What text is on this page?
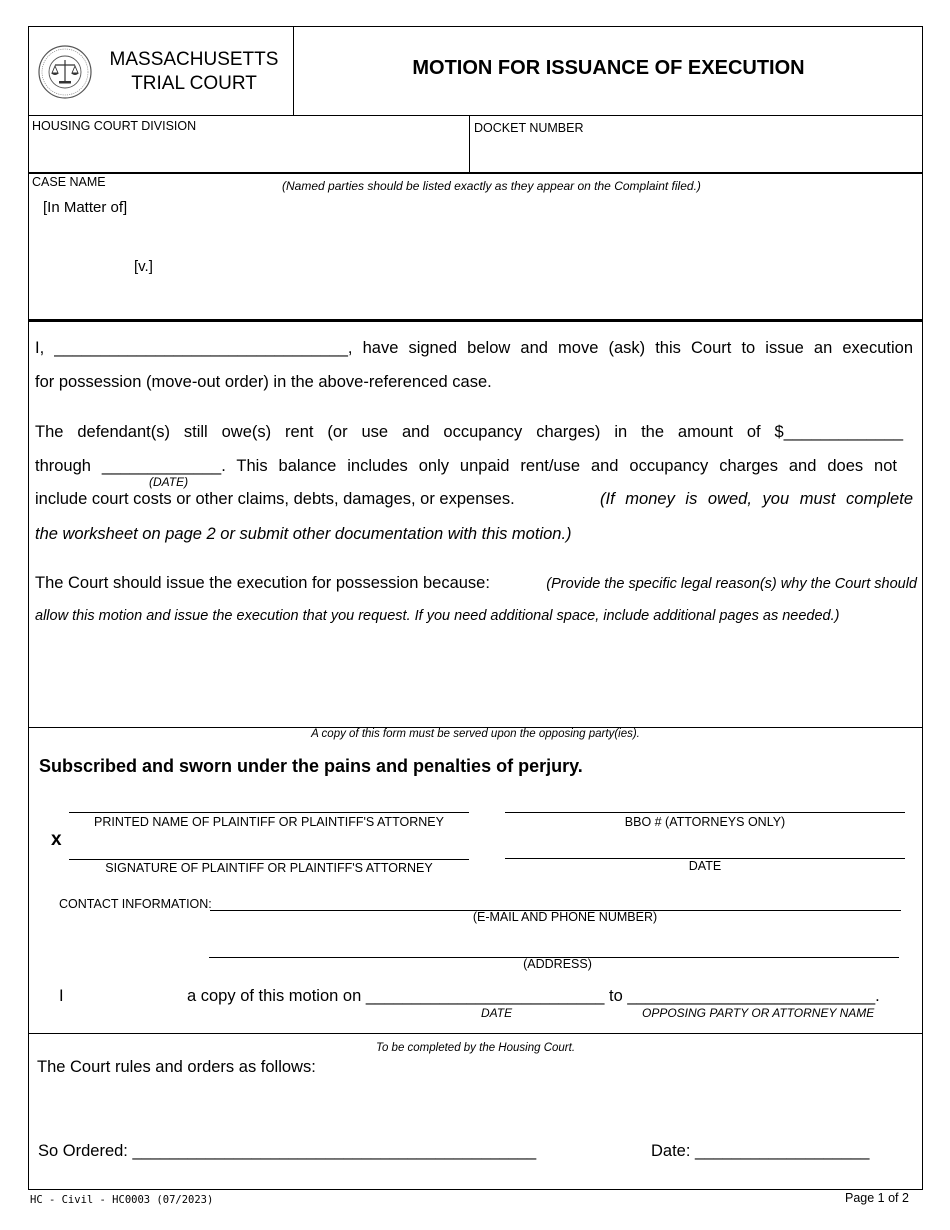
MASSACHUSETTS
TRIAL COURT
MOTION FOR ISSUANCE OF EXECUTION
HOUSING COURT DIVISION	DOCKET NUMBER
CASE NAME	(Named parties should be listed exactly as they appear on the Complaint filed.)
[In Matter of]
[v.]
I, ________________________________, have signed below and move (ask) this Court to issue an execution
for possession (move-out order) in the above-referenced case.
The defendant(s) still owe(s) rent (or use and occupancy charges) in the amount of $_____________
through _____________. This balance includes only unpaid rent/use and occupancy charges and does not
(DATE)
include court costs or other claims, debts, damages, or expenses.	(If money is owed, you must complete
the worksheet on page 2 or submit other documentation with this motion.)
The Court should issue the execution for possession because:	(Provide the specific legal reason(s) why the Court should
allow this motion and issue the execution that you request. If you need additional space, include additional pages as needed.)
A copy of this form must be served upon the opposing party(ies).
Subscribed and sworn under the pains and penalties of perjury.
PRINTED NAME OF PLAINTIFF OR PLAINTIFF'S ATTORNEY	BBO # (ATTORNEYS ONLY)
x
SIGNATURE OF PLAINTIFF OR PLAINTIFF'S ATTORNEY	DATE
CONTACT INFORMATION:
(E-MAIL AND PHONE NUMBER)
(ADDRESS)
I	a copy of this motion on __________________________ to ___________________________.
DATE	OPPOSING PARTY OR ATTORNEY NAME
To be completed by the Housing Court.
The Court rules and orders as follows:
So Ordered: ____________________________________________	Date: ___________________
HC - Civil - HC0003 (07/2023)	Page 1 of 2
